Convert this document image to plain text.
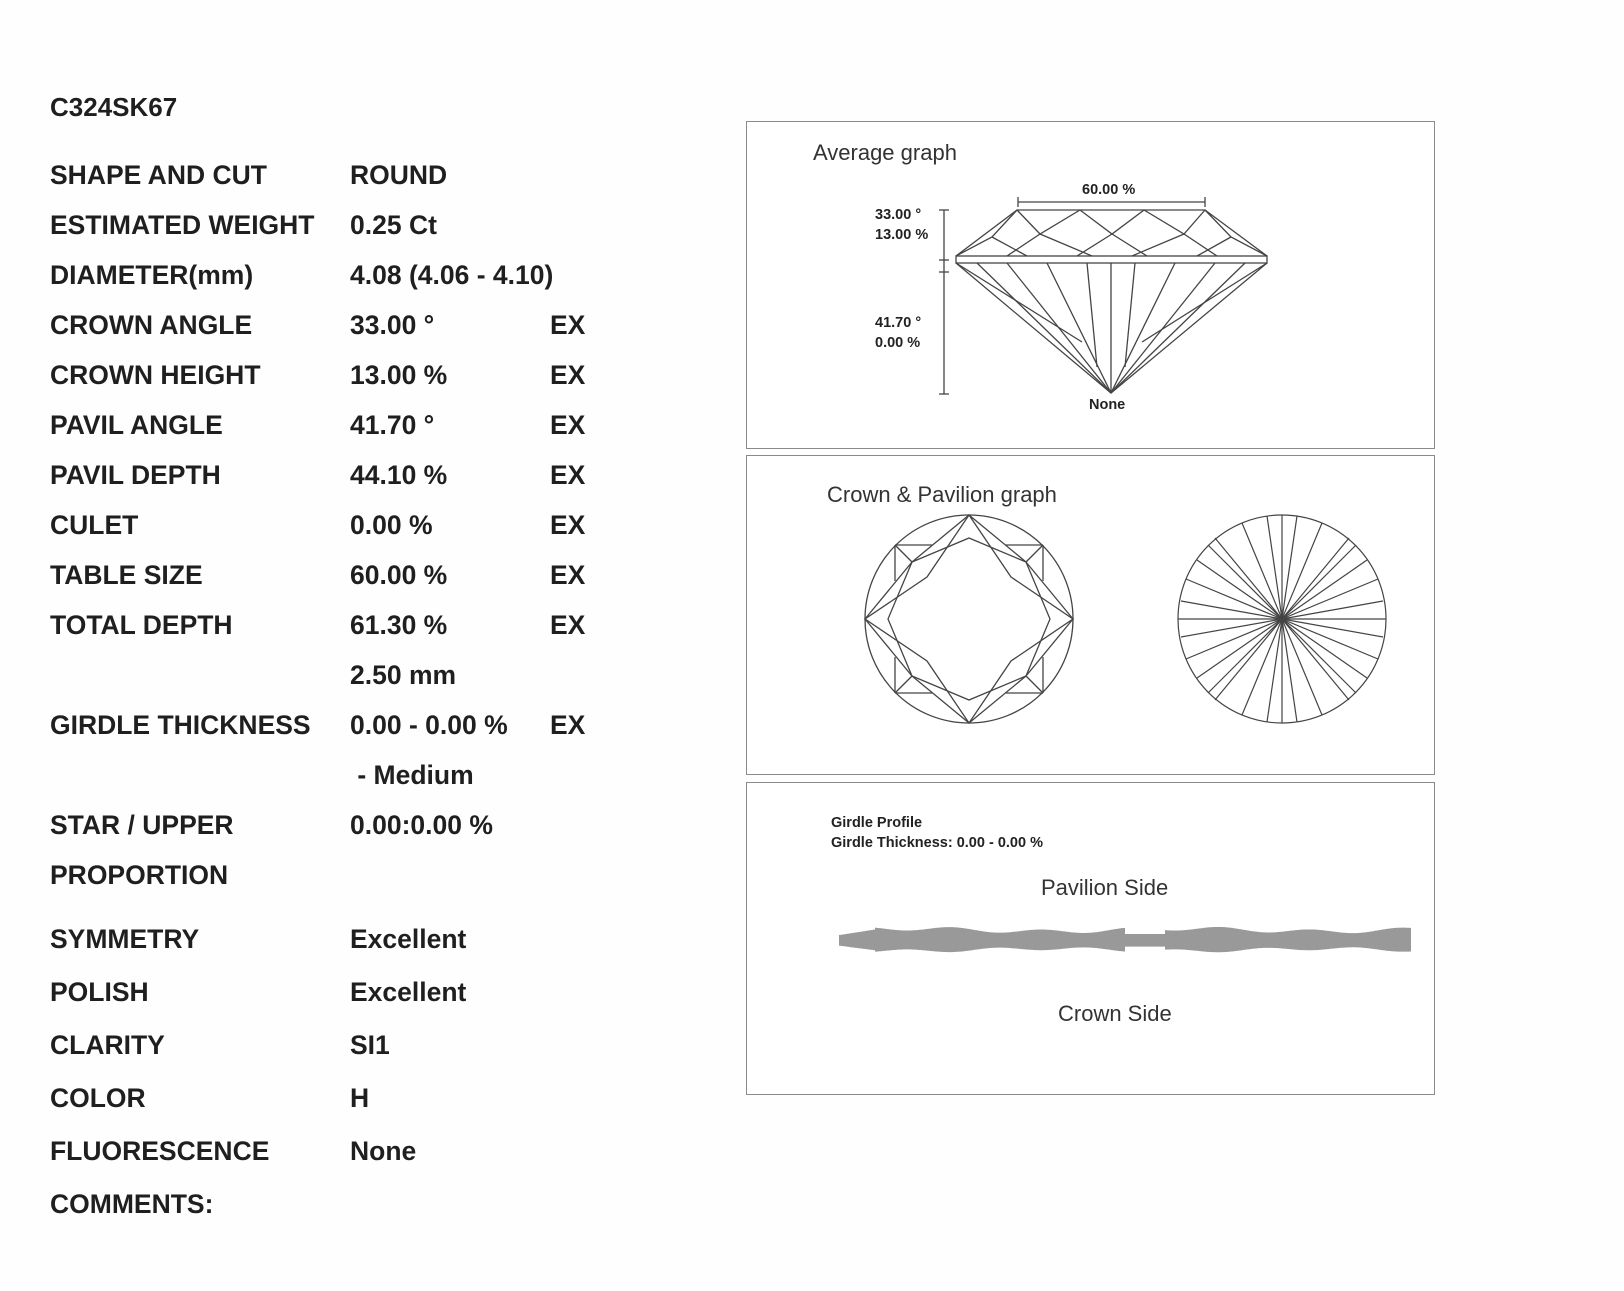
C324SK67
SHAPE AND CUT	ROUND
ESTIMATED WEIGHT 0.25 Ct
DIAMETER(mm)	4.08 (4.06 - 4.10)
CROWN ANGLE	33.00 °	EX
CROWN HEIGHT	13.00 %	EX
PAVIL ANGLE	41.70 °	EX
PAVIL DEPTH	44.10 %	EX
CULET	0.00 %	EX
TABLE SIZE	60.00 %	EX
TOTAL DEPTH	61.30 %	EX
2.50 mm
GIRDLE THICKNESS 0.00 - 0.00 % EX
- Medium
STAR / UPPER	0.00:0.00 %
PROPORTION
SYMMETRY	Excellent
POLISH	Excellent
CLARITY	SI1
COLOR	H
FLUORESCENCE	None
COMMENTS:
Average graph
60.00 %
33.00 °
13.00 %
41.70 °
0.00 %
None
Crown & Pavilion graph
Girdle Profile
Girdle Thickness: 0.00 - 0.00 %
Pavilion Side
Crown Side
